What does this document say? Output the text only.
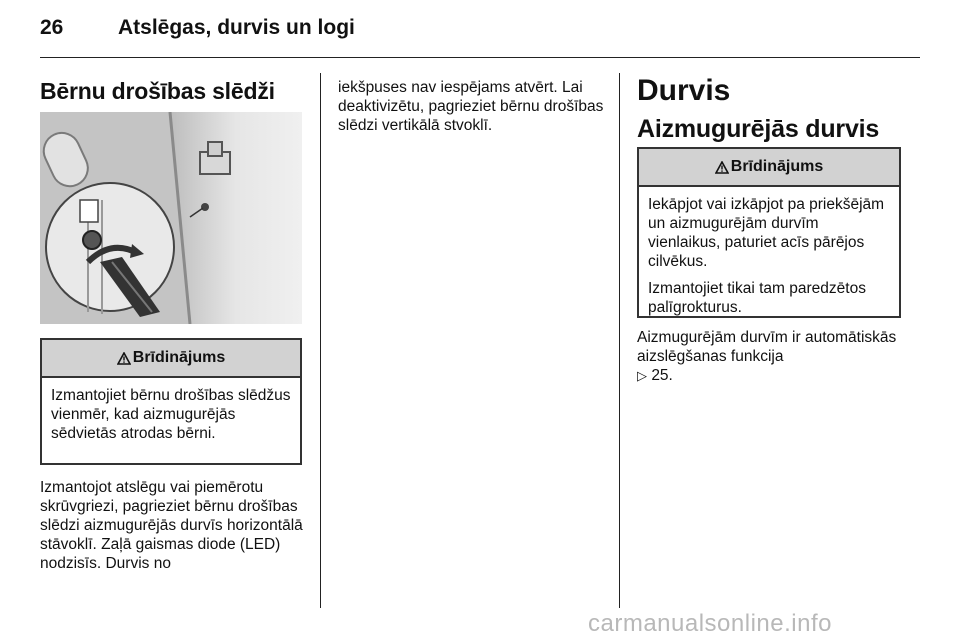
26	Atslēgas, durvis un logi
Bērnu drošības slēdži
Brīdinājums

Izmantojiet bērnu drošības slēdžus vienmēr, kad aizmugurējās sēdvietās atrodas bērni.

Izmantojot atslēgu vai piemērotu skrūvgriezi, pagrieziet bērnu drošības slēdzi aizmugurējās durvīs horizontālā stāvoklī. Zaļā gaismas diode (LED) nodzisīs. Durvis no
iekšpuses nav iespējams atvērt. Lai deaktivizētu, pagrieziet bērnu drošības slēdzi vertikālā stvoklī.
Durvis
Aizmugurējās durvis
Brīdinājums

Iekāpjot vai izkāpjot pa priekšējām un aizmugurējām durvīm vienlaikus, paturiet acīs pārējos cilvēkus.

Izmantojiet tikai tam paredzētos palīgrokturus.

Aizmugurējām durvīm ir automātiskās aizslēgšanas funkcija
▷ 25.
carmanualsonline.info
